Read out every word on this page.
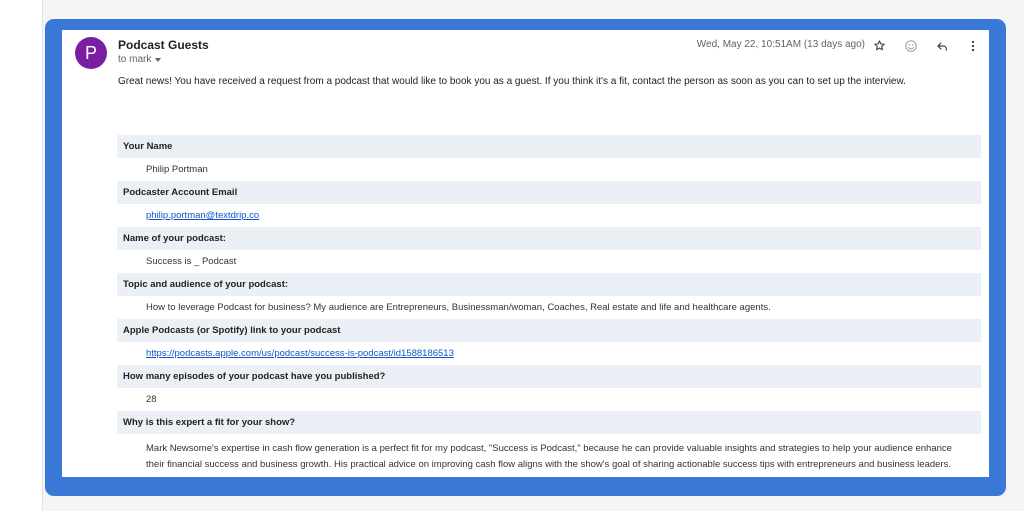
P	Podcast Guests
to mark
Wed, May 22, 10:51AM (13 days ago)
Great news! You have received a request from a podcast that would like to book you as a guest. If you think it's a fit, contact the person as soon as you can to set up the interview.
Your Name
Philip Portman
Podcaster Account Email
philip.portman@textdrip.co
Name of your podcast:
Success is _ Podcast
Topic and audience of your podcast:
How to leverage Podcast for business? My audience are Entrepreneurs, Businessman/woman, Coaches, Real estate and life and healthcare agents.
Apple Podcasts (or Spotify) link to your podcast
https://podcasts.apple.com/us/podcast/success-is-podcast/id1588186513
How many episodes of your podcast have you published?
28
Why is this expert a fit for your show?
Mark Newsome's expertise in cash flow generation is a perfect fit for my podcast, "Success is Podcast," because he can provide valuable insights and strategies to help your audience enhance their financial success and business growth. His practical advice on improving cash flow aligns with the show's goal of sharing actionable success tips with entrepreneurs and business leaders.
